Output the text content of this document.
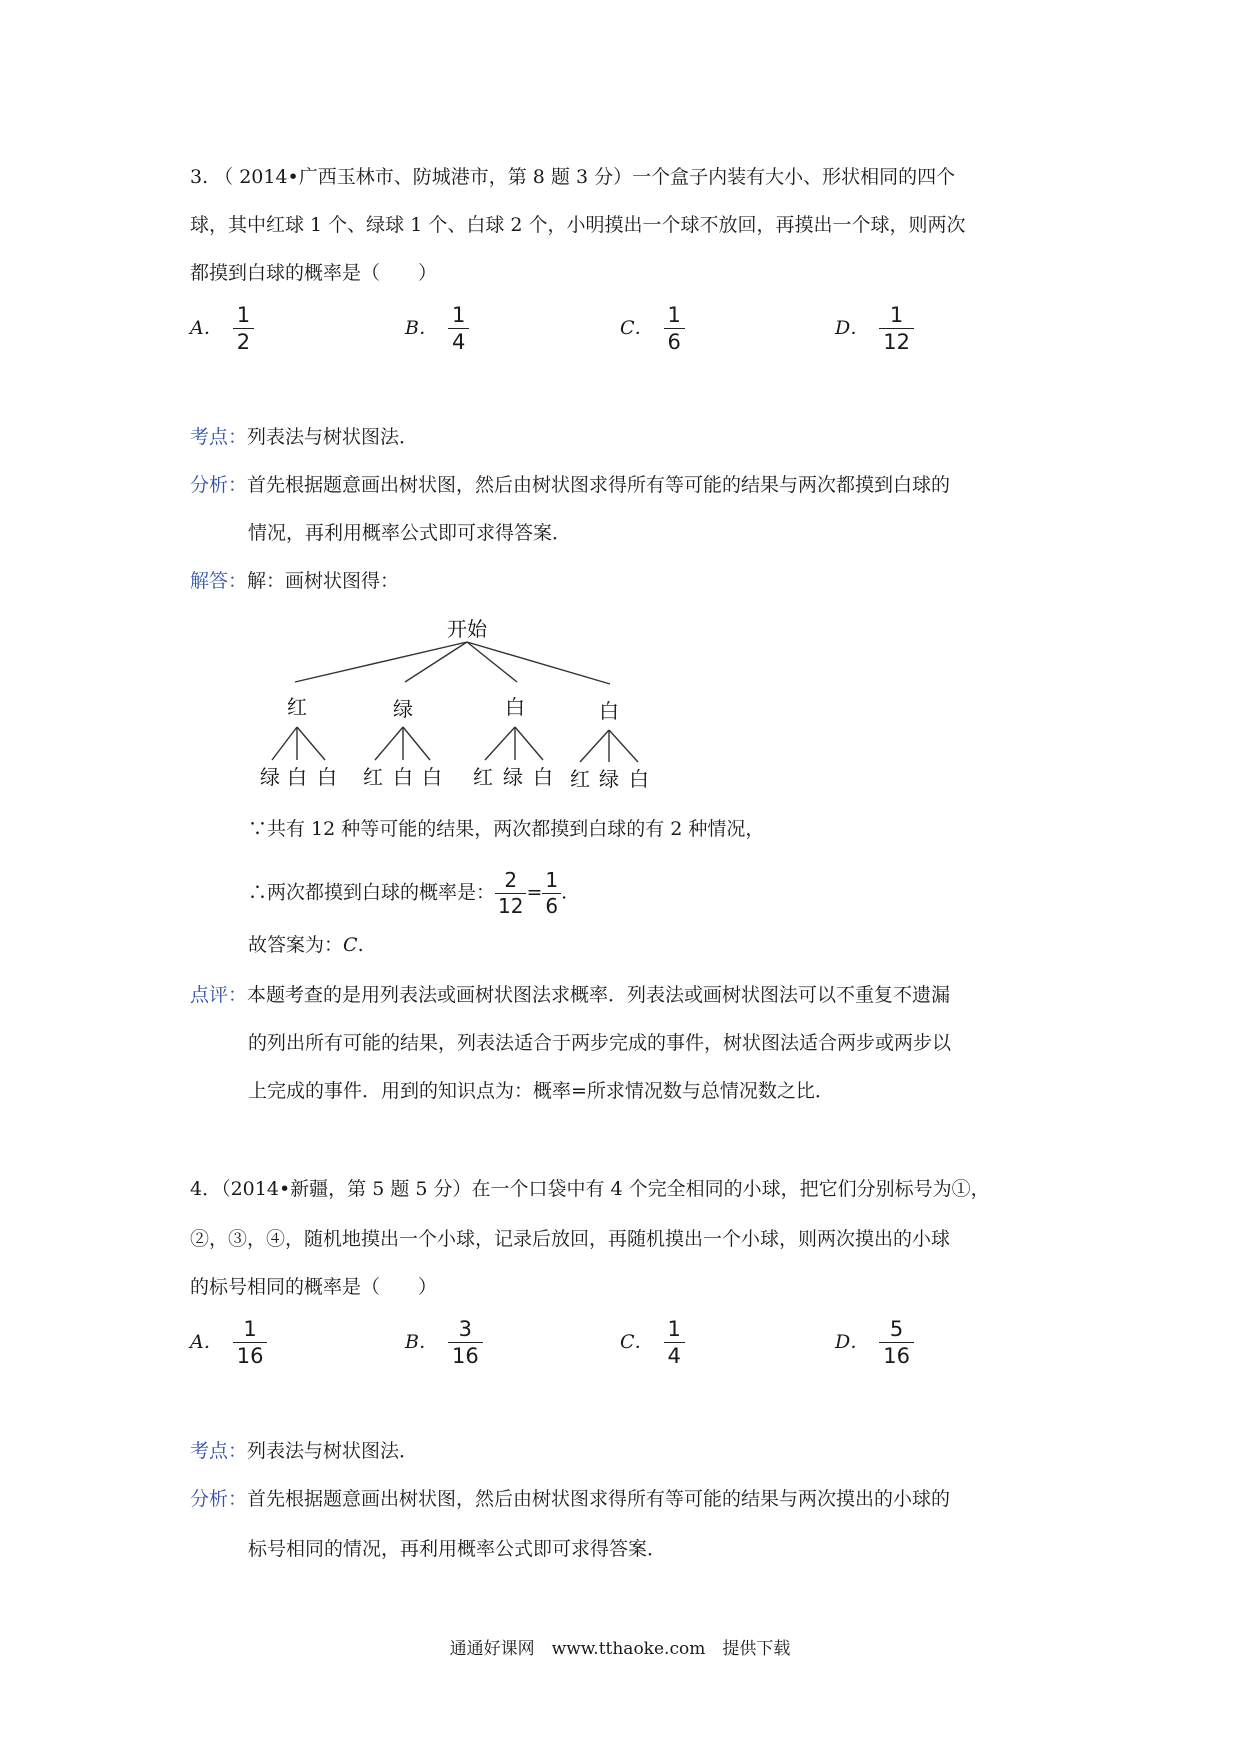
3. （ 2014•广西玉林市、防城港市，第 8 题 3 分）一个盒子内装有大小、形状相同的四个
球，其中红球 1 个、绿球 1 个、白球 2 个，小明摸出一个球不放回，再摸出一个球，则两次
都摸到白球的概率是（　　）
A． $\frac{1}{2}$	B． $\frac{1}{4}$	C． $\frac{1}{6}$	D． $\frac{1}{12}$
考点：列表法与树状图法．
分析：首先根据题意画出树状图，然后由树状图求得所有等可能的结果与两次都摸到白球的
情况，再利用概率公式即可求得答案．
解答：解：画树状图得：
开始
红	绿	白	白
绿 白 白 红 白 白 红 绿 白 红 绿 白
∵共有 12 种等可能的结果，两次都摸到白球的有 2 种情况，
∴两次都摸到白球的概率是： $\frac{2}{12} = \frac{1}{6}$ .
故答案为：C.
点评：本题考查的是用列表法或画树状图法求概率．列表法或画树状图法可以不重复不遗漏
的列出所有可能的结果，列表法适合于两步完成的事件，树状图法适合两步或两步以
上完成的事件．用到的知识点为：概率=所求情况数与总情况数之比．
4．（2014•新疆，第 5 题 5 分）在一个口袋中有 4 个完全相同的小球，把它们分别标号为①，
②，③，④，随机地摸出一个小球，记录后放回，再随机摸出一个小球，则两次摸出的小球
的标号相同的概率是（　　）
A． $\frac{1}{16}$	B． $\frac{3}{16}$	C． $\frac{1}{4}$	D． $\frac{5}{16}$
考点：列表法与树状图法．
分析：首先根据题意画出树状图，然后由树状图求得所有等可能的结果与两次摸出的小球的
标号相同的情况，再利用概率公式即可求得答案．
通通好课网　www.tthaoke.com　提供下载
